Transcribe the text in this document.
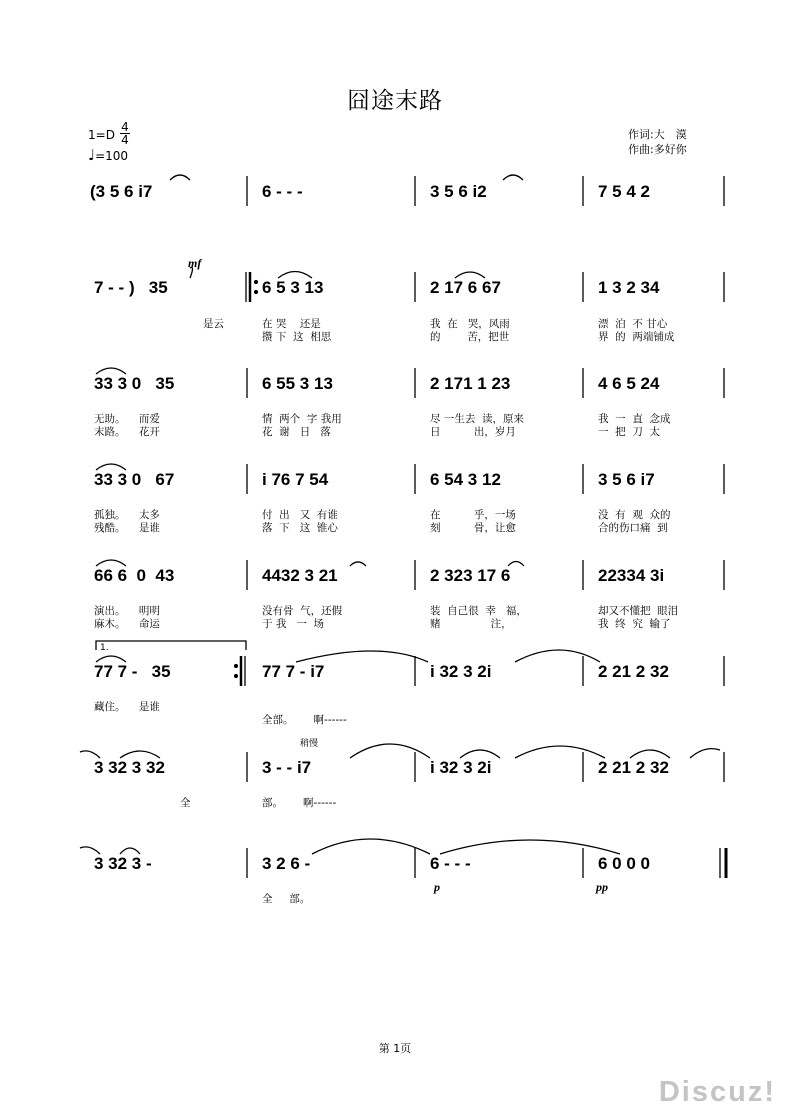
囧途末路
1=D
4
4
♩=100
作词:大　漠
作曲:多好你
(3 5 6 i7	6 - - -	3 5 6 i2	7 5 4 2
mf
7 - - )   35	6 5 3 13	2 17 6 67	1 3 2 34
是云	在 哭    还是	我  在   哭，风雨	漂  泊  不 甘心
攒 下  这  相思	的        苦，把世	界  的  两端铺成
33 3 0   35	6 55 3 13	2 171 1 23	4 6 5 24
无助。    而爱	情  两个  字 我用	尽 一生去  读，原来	我  一  直  念成
末路。    花开	花  谢   日   落	日          出，岁月	一  把  刀  太
33 3 0   67	i 76 7 54	6 54 3 12	3 5 6 i7
孤独。    太多	付  出   又  有谁	在          乎，一场	没  有  观  众的
残酷。    是谁	落  下   这  锥心	刻          骨，让愈	合的伤口痛  到
66 6  0  43	4432 3 21	2 323 17 6	22334 3i
演出。    明明	没有骨  气，还假	装  自己很  幸   福，	却又不懂把  眼泪
麻木。    命运	于 我   一  场	赌               注，	我  终  究  输了
1.
77 7 -   35	77 7 - i7	i 32 3 2i	2 21 2 32
藏住。    是谁
全部。      啊------
稍慢
3 32 3 32	3 - - i7	i 32 3 2i	2 21 2 32
全	部。      啊------
3 32 3 -	3 2 6 -	6 - - -	6 0 0 0
全     部。
p	pp
第 1页
Discuz!
